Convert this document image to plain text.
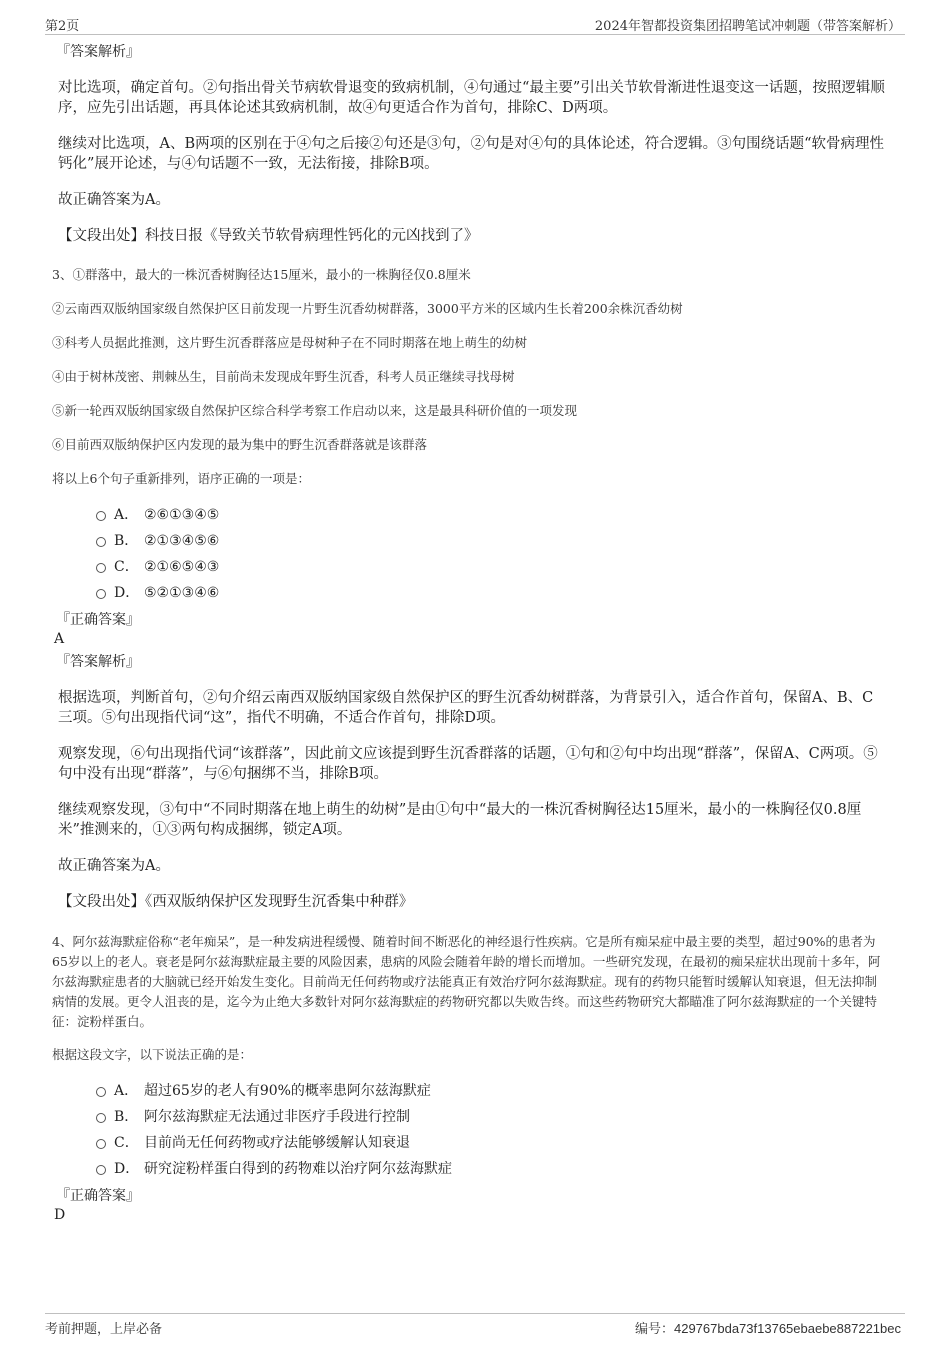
第2页	2024年智都投资集团招聘笔试冲刺题（带答案解析）

『答案解析』

对比选项，确定首句。②句指出骨关节病软骨退变的致病机制，④句通过“最主要”引出关节软骨渐进性退变这一话题，按照逻辑顺序，应先引出话题，再具体论述其致病机制，故④句更适合作为首句，排除C、D两项。

继续对比选项，A、B两项的区别在于④句之后接②句还是③句，②句是对④句的具体论述，符合逻辑。③句围绕话题“软骨病理性钙化”展开论述，与④句话题不一致，无法衔接，排除B项。

故正确答案为A。

【文段出处】科技日报《导致关节软骨病理性钙化的元凶找到了》

3、①群落中，最大的一株沉香树胸径达15厘米，最小的一株胸径仅0.8厘米

②云南西双版纳国家级自然保护区日前发现一片野生沉香幼树群落，3000平方米的区域内生长着200余株沉香幼树

③科考人员据此推测，这片野生沉香群落应是母树种子在不同时期落在地上萌生的幼树

④由于树林茂密、荆棘丛生，目前尚未发现成年野生沉香，科考人员正继续寻找母树

⑤新一轮西双版纳国家级自然保护区综合科学考察工作启动以来，这是最具科研价值的一项发现

⑥目前西双版纳保护区内发现的最为集中的野生沉香群落就是该群落

将以上6个句子重新排列，语序正确的一项是：

A． ②⑥①③④⑤
B． ②①③④⑤⑥
C． ②①⑥⑤④③
D． ⑤②①③④⑥

『正确答案』

A

『答案解析』

根据选项，判断首句，②句介绍云南西双版纳国家级自然保护区的野生沉香幼树群落，为背景引入，适合作首句，保留A、B、C三项。⑤句出现指代词“这”，指代不明确，不适合作首句，排除D项。

观察发现，⑥句出现指代词“该群落”，因此前文应该提到野生沉香群落的话题，①句和②句中均出现“群落”，保留A、C两项。⑤句中没有出现“群落”，与⑥句捆绑不当，排除B项。

继续观察发现，③句中“不同时期落在地上萌生的幼树”是由①句中“最大的一株沉香树胸径达15厘米，最小的一株胸径仅0.8厘米”推测来的，①③两句构成捆绑，锁定A项。

故正确答案为A。

【文段出处】《西双版纳保护区发现野生沉香集中种群》

4、阿尔兹海默症俗称“老年痴呆”，是一种发病进程缓慢、随着时间不断恶化的神经退行性疾病。它是所有痴呆症中最主要的类型，超过90%的患者为65岁以上的老人。衰老是阿尔兹海默症最主要的风险因素，患病的风险会随着年龄的增长而增加。一些研究发现，在最初的痴呆症状出现前十多年，阿尔兹海默症患者的大脑就已经开始发生变化。目前尚无任何药物或疗法能真正有效治疗阿尔兹海默症。现有的药物只能暂时缓解认知衰退，但无法抑制病情的发展。更令人沮丧的是，迄今为止绝大多数针对阿尔兹海默症的药物研究都以失败告终。而这些药物研究大都瞄准了阿尔兹海默症的一个关键特征：淀粉样蛋白。

根据这段文字，以下说法正确的是：

A． 超过65岁的老人有90%的概率患阿尔兹海默症
B． 阿尔兹海默症无法通过非医疗手段进行控制
C． 目前尚无任何药物或疗法能够缓解认知衰退
D． 研究淀粉样蛋白得到的药物难以治疗阿尔兹海默症

『正确答案』

D

考前押题，上岸必备	编号：429767bda73f13765ebaebe887221bec
